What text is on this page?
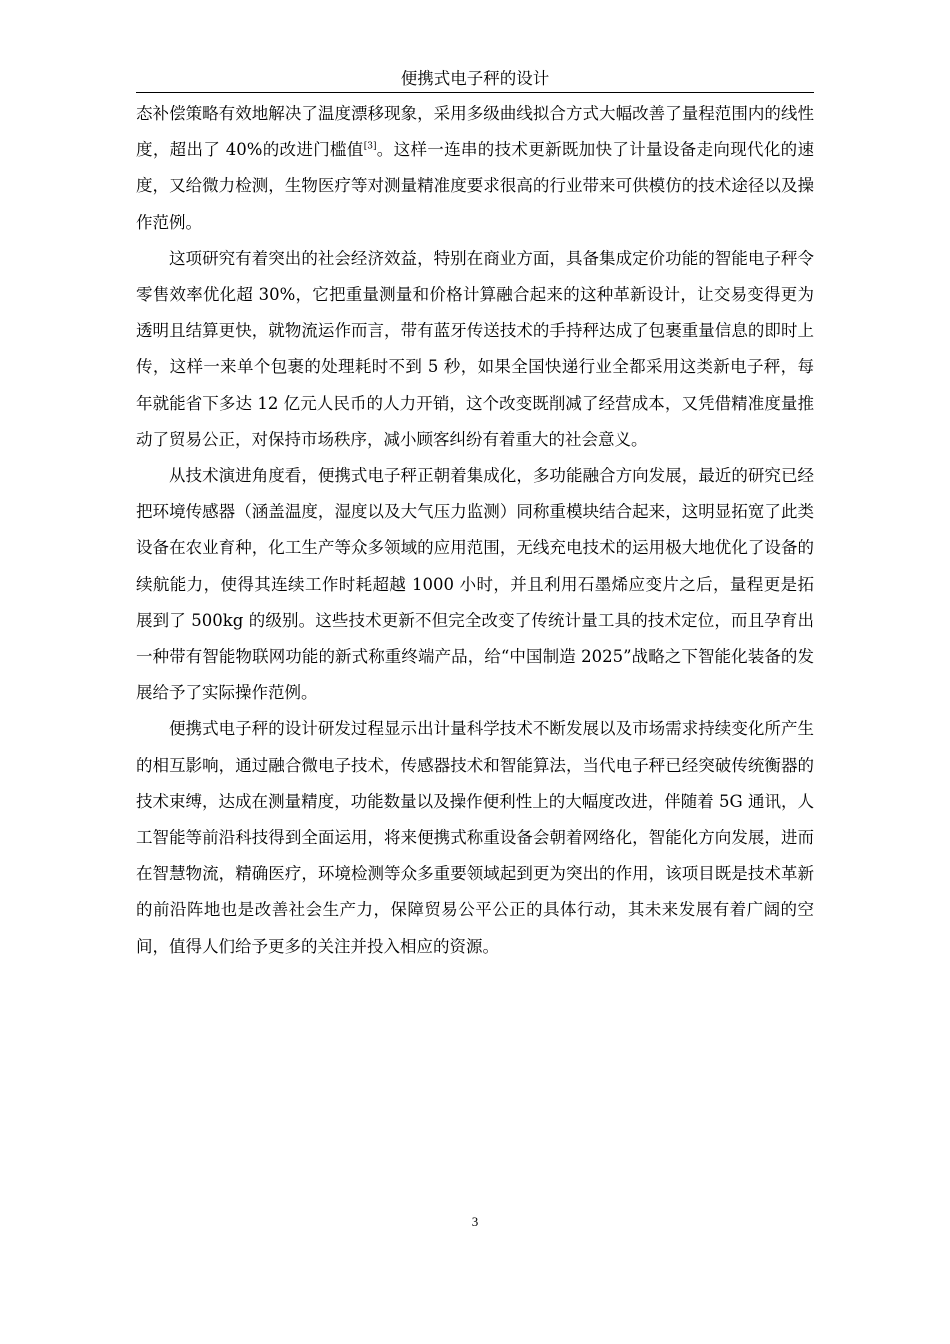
便携式电子秤的设计

态补偿策略有效地解决了温度漂移现象，采用多级曲线拟合方式大幅改善了量程范围内的线性度，超出了 40%的改进门槛值[3]。这样一连串的技术更新既加快了计量设备走向现代化的速度，又给微力检测，生物医疗等对测量精准度要求很高的行业带来可供模仿的技术途径以及操作范例。

这项研究有着突出的社会经济效益，特别在商业方面，具备集成定价功能的智能电子秤令零售效率优化超 30%，它把重量测量和价格计算融合起来的这种革新设计，让交易变得更为透明且结算更快，就物流运作而言，带有蓝牙传送技术的手持秤达成了包裹重量信息的即时上传，这样一来单个包裹的处理耗时不到 5 秒，如果全国快递行业全都采用这类新电子秤，每年就能省下多达 12 亿元人民币的人力开销，这个改变既削减了经营成本，又凭借精准度量推动了贸易公正，对保持市场秩序，减小顾客纠纷有着重大的社会意义。

从技术演进角度看，便携式电子秤正朝着集成化，多功能融合方向发展，最近的研究已经把环境传感器（涵盖温度，湿度以及大气压力监测）同称重模块结合起来，这明显拓宽了此类设备在农业育种，化工生产等众多领域的应用范围，无线充电技术的运用极大地优化了设备的续航能力，使得其连续工作时耗超越 1000 小时，并且利用石墨烯应变片之后，量程更是拓展到了 500kg 的级别。这些技术更新不但完全改变了传统计量工具的技术定位，而且孕育出一种带有智能物联网功能的新式称重终端产品，给“中国制造 2025”战略之下智能化装备的发展给予了实际操作范例。

便携式电子秤的设计研发过程显示出计量科学技术不断发展以及市场需求持续变化所产生的相互影响，通过融合微电子技术，传感器技术和智能算法，当代电子秤已经突破传统衡器的技术束缚，达成在测量精度，功能数量以及操作便利性上的大幅度改进，伴随着 5G 通讯，人工智能等前沿科技得到全面运用，将来便携式称重设备会朝着网络化，智能化方向发展，进而在智慧物流，精确医疗，环境检测等众多重要领域起到更为突出的作用，该项目既是技术革新的前沿阵地也是改善社会生产力，保障贸易公平公正的具体行动，其未来发展有着广阔的空间，值得人们给予更多的关注并投入相应的资源。

3
